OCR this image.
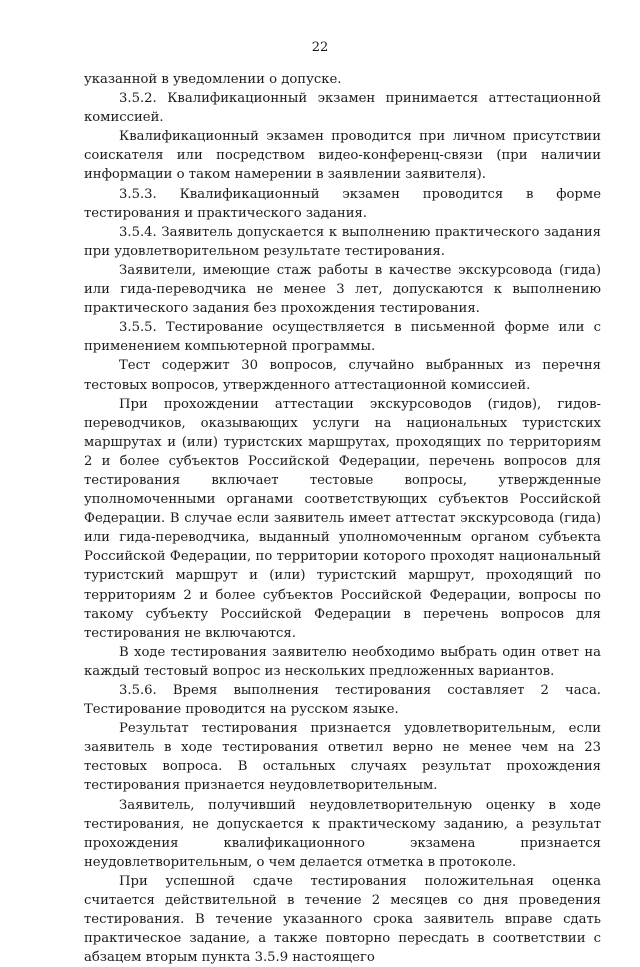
22

указанной в уведомлении о допуске.

3.5.2. Квалификационный экзамен принимается аттестационной комиссией.

Квалификационный экзамен проводится при личном присутствии соискателя или посредством видео-конференц-связи (при наличии информации о таком намерении в заявлении заявителя).

3.5.3. Квалификационный экзамен проводится в форме тестирования и практического задания.

3.5.4. Заявитель допускается к выполнению практического задания при удовлетворительном результате тестирования.

Заявители, имеющие стаж работы в качестве экскурсовода (гида) или гида-переводчика не менее 3 лет, допускаются к выполнению практического задания без прохождения тестирования.

3.5.5. Тестирование осуществляется в письменной форме или с применением компьютерной программы.

Тест содержит 30 вопросов, случайно выбранных из перечня тестовых вопросов, утвержденного аттестационной комиссией.

При прохождении аттестации экскурсоводов (гидов), гидов-переводчиков, оказывающих услуги на национальных туристских маршрутах и (или) туристских маршрутах, проходящих по территориям 2 и более субъектов Российской Федерации, перечень вопросов для тестирования включает тестовые вопросы, утвержденные уполномоченными органами соответствующих субъектов Российской Федерации. В случае если заявитель имеет аттестат экскурсовода (гида) или гида-переводчика, выданный уполномоченным органом субъекта Российской Федерации, по территории которого проходят национальный туристский маршрут и (или) туристский маршрут, проходящий по территориям 2 и более субъектов Российской Федерации, вопросы по такому субъекту Российской Федерации в перечень вопросов для тестирования не включаются.

В ходе тестирования заявителю необходимо выбрать один ответ на каждый тестовый вопрос из нескольких предложенных вариантов.

3.5.6. Время выполнения тестирования составляет 2 часа. Тестирование проводится на русском языке.

Результат тестирования признается удовлетворительным, если заявитель в ходе тестирования ответил верно не менее чем на 23 тестовых вопроса. В остальных случаях результат прохождения тестирования признается неудовлетворительным.

Заявитель, получивший неудовлетворительную оценку в ходе тестирования, не допускается к практическому заданию, а результат прохождения квалификационного экзамена признается неудовлетворительным, о чем делается отметка в протоколе.

При успешной сдаче тестирования положительная оценка считается действительной в течение 2 месяцев со дня проведения тестирования. В течение указанного срока заявитель вправе сдать практическое задание, а также повторно пересдать в соответствии с абзацем вторым пункта 3.5.9 настоящего
